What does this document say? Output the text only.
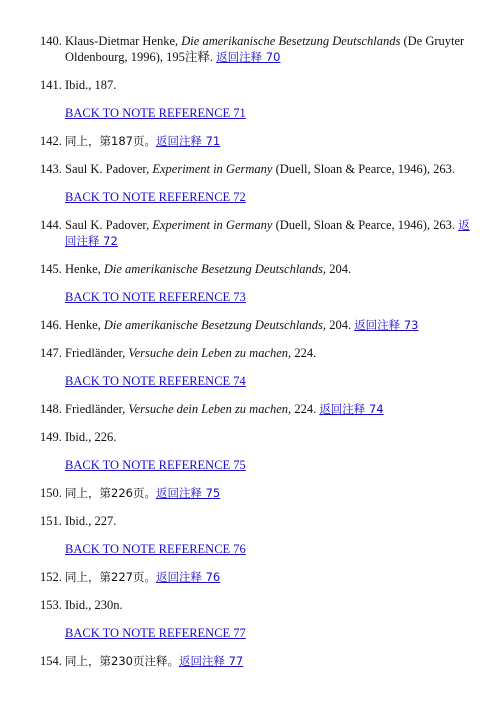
140. Klaus-Dietmar Henke, Die amerikanische Besetzung Deutschlands (De Gruyter Oldenbourg, 1996), 195注释. 返回注释 70
141. Ibid., 187.
BACK TO NOTE REFERENCE 71
142. 同上，第187页。返回注释 71
143. Saul K. Padover, Experiment in Germany (Duell, Sloan & Pearce, 1946), 263.
BACK TO NOTE REFERENCE 72
144. Saul K. Padover, Experiment in Germany (Duell, Sloan & Pearce, 1946), 263. 返回注释 72
145. Henke, Die amerikanische Besetzung Deutschlands, 204.
BACK TO NOTE REFERENCE 73
146. Henke, Die amerikanische Besetzung Deutschlands, 204. 返回注释 73
147. Friedländer, Versuche dein Leben zu machen, 224.
BACK TO NOTE REFERENCE 74
148. Friedländer, Versuche dein Leben zu machen, 224. 返回注释 74
149. Ibid., 226.
BACK TO NOTE REFERENCE 75
150. 同上，第226页。返回注释 75
151. Ibid., 227.
BACK TO NOTE REFERENCE 76
152. 同上，第227页。返回注释 76
153. Ibid., 230n.
BACK TO NOTE REFERENCE 77
154. 同上，第230页注释。返回注释 77
